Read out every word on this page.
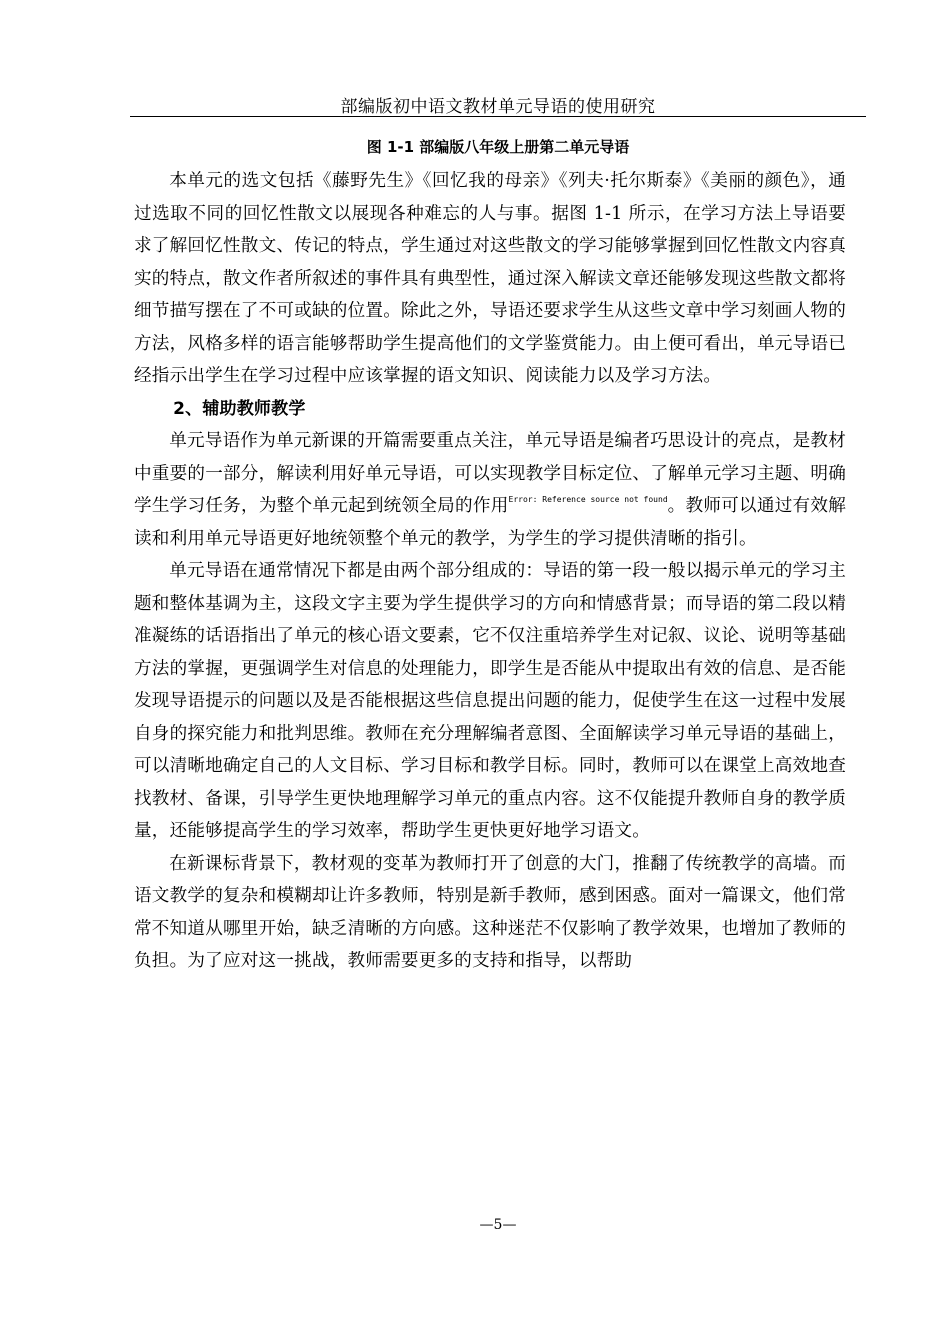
部编版初中语文教材单元导语的使用研究
图 1-1 部编版八年级上册第二单元导语

本单元的选文包括《藤野先生》《回忆我的母亲》《列夫·托尔斯泰》《美丽的颜色》，通过选取不同的回忆性散文以展现各种难忘的人与事。据图 1-1 所示，在学习方法上导语要求了解回忆性散文、传记的特点，学生通过对这些散文的学习能够掌握到回忆性散文内容真实的特点，散文作者所叙述的事件具有典型性，通过深入解读文章还能够发现这些散文都将细节描写摆在了不可或缺的位置。除此之外，导语还要求学生从这些文章中学习刻画人物的方法，风格多样的语言能够帮助学生提高他们的文学鉴赏能力。由上便可看出，单元导语已经指示出学生在学习过程中应该掌握的语文知识、阅读能力以及学习方法。

2、辅助教师教学

单元导语作为单元新课的开篇需要重点关注，单元导语是编者巧思设计的亮点，是教材中重要的一部分，解读利用好单元导语，可以实现教学目标定位、了解单元学习主题、明确学生学习任务，为整个单元起到统领全局的作用$^{Error: Reference source not found}$。教师可以通过有效解读和利用单元导语更好地统领整个单元的教学，为学生的学习提供清晰的指引。

单元导语在通常情况下都是由两个部分组成的：导语的第一段一般以揭示单元的学习主题和整体基调为主，这段文字主要为学生提供学习的方向和情感背景；而导语的第二段以精准凝练的话语指出了单元的核心语文要素，它不仅注重培养学生对记叙、议论、说明等基础方法的掌握，更强调学生对信息的处理能力，即学生是否能从中提取出有效的信息、是否能发现导语提示的问题以及是否能根据这些信息提出问题的能力，促使学生在这一过程中发展自身的探究能力和批判思维。教师在充分理解编者意图、全面解读学习单元导语的基础上，可以清晰地确定自己的人文目标、学习目标和教学目标。同时，教师可以在课堂上高效地查找教材、备课，引导学生更快地理解学习单元的重点内容。这不仅能提升教师自身的教学质量，还能够提高学生的学习效率，帮助学生更快更好地学习语文。

在新课标背景下，教材观的变革为教师打开了创意的大门，推翻了传统教学的高墙。而语文教学的复杂和模糊却让许多教师，特别是新手教师，感到困惑。面对一篇课文，他们常常不知道从哪里开始，缺乏清晰的方向感。这种迷茫不仅影响了教学效果，也增加了教师的负担。为了应对这一挑战，教师需要更多的支持和指导，以帮助

—5—
